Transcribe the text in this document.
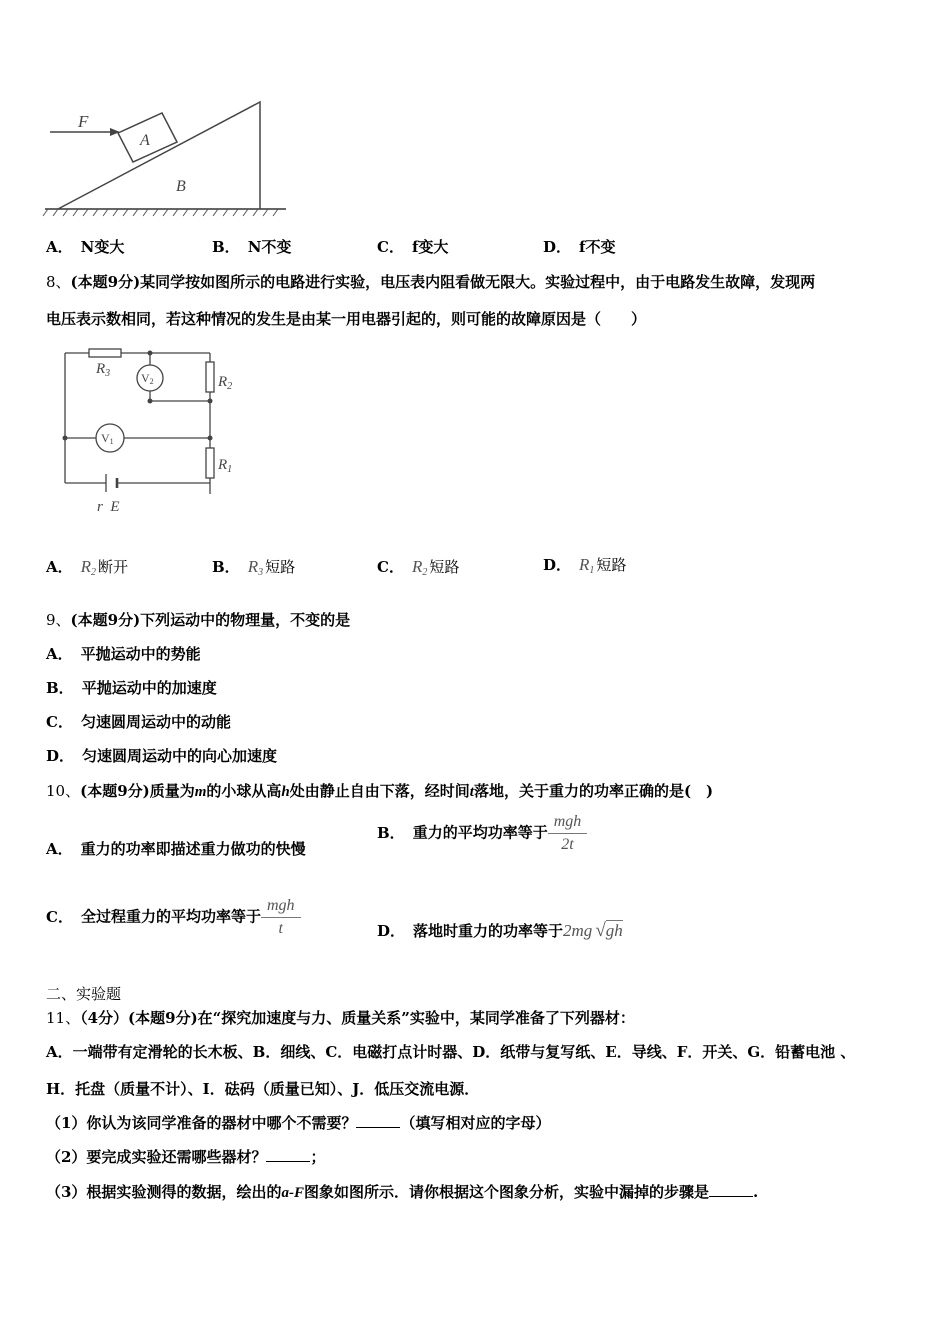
F
A
B
A． N变大	B． N不变	C． f变大	D． f不变
8、(本题9分)某同学按如图所示的电路进行实验，电压表内阻看做无限大。实验过程中，由于电路发生故障，发现两
电压表示数相同，若这种情况的发生是由某一用电器引起的，则可能的故障原因是（　　）
$R_3$	V2	$R_2$
V1
$R_1$
r  E
A． $R_2$ 断开	B． $R_3$ 短路	C． $R_2$ 短路	D． $R_1$ 短路
9、(本题9分)下列运动中的物理量，不变的是
A． 平抛运动中的势能
B． 平抛运动中的加速度
C． 匀速圆周运动中的动能
D． 匀速圆周运动中的向心加速度
10、(本题9分)质量为m的小球从高h处由静止自由下落，经时间t落地，关于重力的功率正确的是(　)
A． 重力的功率即描述重力做功的快慢
B． 重力的平均功率等于 $\frac{\text{mgh}}{2t}$
C． 全过程重力的平均功率等于 $\frac{\text{mgh}}{t}$	D． 落地时重力的功率等于2mg √gh
二、实验题
11、（4分）(本题9分)在“探究加速度与力、质量关系”实验中，某同学准备了下列器材：
A．一端带有定滑轮的长木板、B．细线、C．电磁打点计时器、D．纸带与复写纸、E．导线、F．开关、G．铅蓄电池 、
H．托盘（质量不计）、I．砝码（质量已知）、J．低压交流电源．
（1）你认为该同学准备的器材中哪个不需要？	（填写相对应的字母）
（2）要完成实验还需哪些器材？	；
（3）根据实验测得的数据，绘出的a-F图象如图所示．请你根据这个图象分析，实验中漏掉的步骤是	.
